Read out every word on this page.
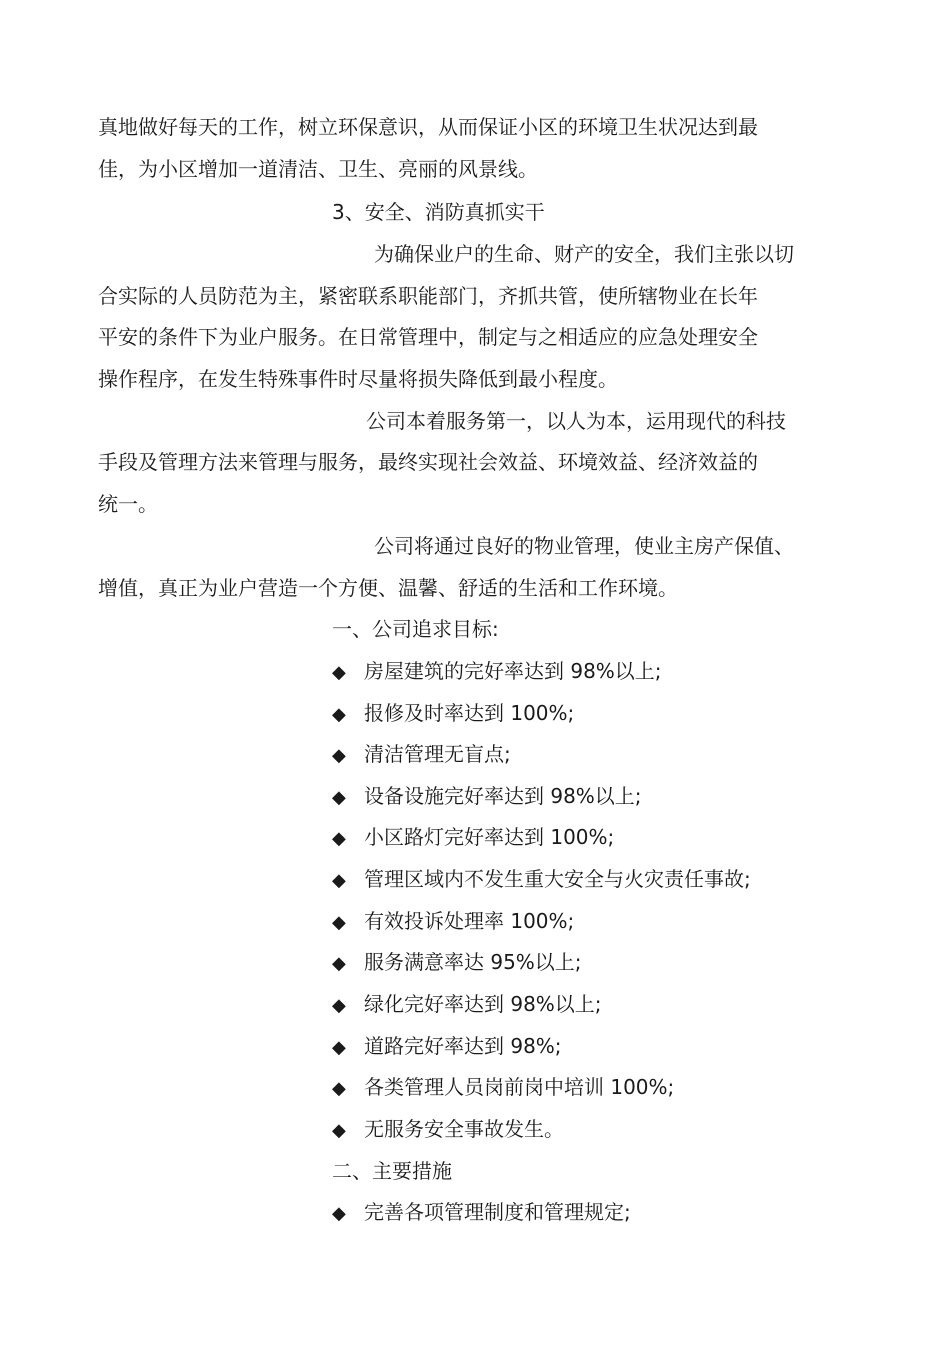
真地做好每天的工作，树立环保意识，从而保证小区的环境卫生状况达到最
佳，为小区增加一道清洁、卫生、亮丽的风景线。
3、安全、消防真抓实干
为确保业户的生命、财产的安全，我们主张以切
合实际的人员防范为主，紧密联系职能部门，齐抓共管，使所辖物业在长年
平安的条件下为业户服务。在日常管理中，制定与之相适应的应急处理安全
操作程序，在发生特殊事件时尽量将损失降低到最小程度。
公司本着服务第一，以人为本，运用现代的科技
手段及管理方法来管理与服务，最终实现社会效益、环境效益、经济效益的
统一。
公司将通过良好的物业管理，使业主房产保值、
增值，真正为业户营造一个方便、温馨、舒适的生活和工作环境。
一、公司追求目标:
◆ 房屋建筑的完好率达到 98%以上;
◆ 报修及时率达到 100%;
◆ 清洁管理无盲点;
◆ 设备设施完好率达到 98%以上;
◆ 小区路灯完好率达到 100%;
◆ 管理区域内不发生重大安全与火灾责任事故;
◆ 有效投诉处理率 100%;
◆ 服务满意率达 95%以上;
◆ 绿化完好率达到 98%以上;
◆ 道路完好率达到 98%;
◆ 各类管理人员岗前岗中培训 100%;
◆ 无服务安全事故发生。
二、主要措施
◆ 完善各项管理制度和管理规定;
